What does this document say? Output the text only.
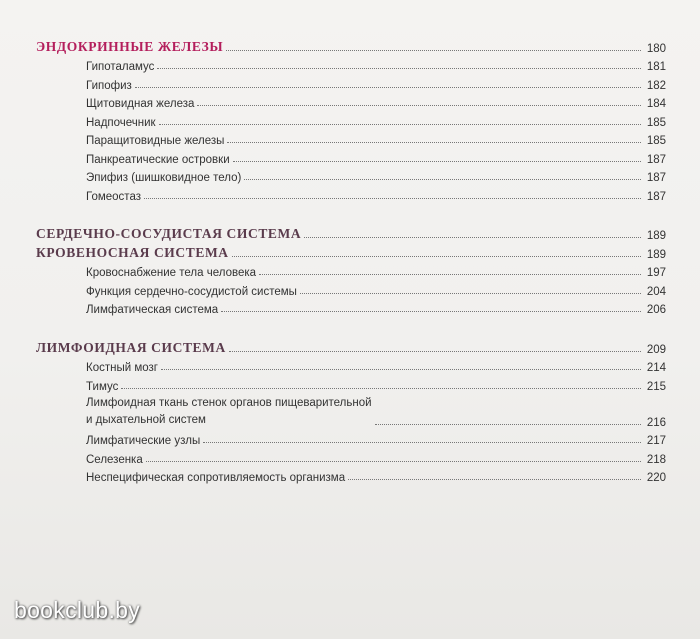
ЭНДОКРИННЫЕ ЖЕЛЕЗЫ	180
Гипоталамус	181
Гипофиз	182
Щитовидная железа	184
Надпочечник	185
Паращитовидные железы	185
Панкреатические островки	187
Эпифиз (шишковидное тело)	187
Гомеостаз	187
СЕРДЕЧНО-СОСУДИСТАЯ СИСТЕМА	189
КРОВЕНОСНАЯ СИСТЕМА	189
Кровоснабжение тела человека	197
Функция сердечно-сосудистой системы	204
Лимфатическая система	206
ЛИМФОИДНАЯ СИСТЕМА	209
Костный мозг	214
Тимус	215
Лимфоидная ткань стенок органов пищеварительной
и дыхательной систем	216
Лимфатические узлы	217
Селезенка	218
Неспецифическая сопротивляемость организма	220
bookclub.by
